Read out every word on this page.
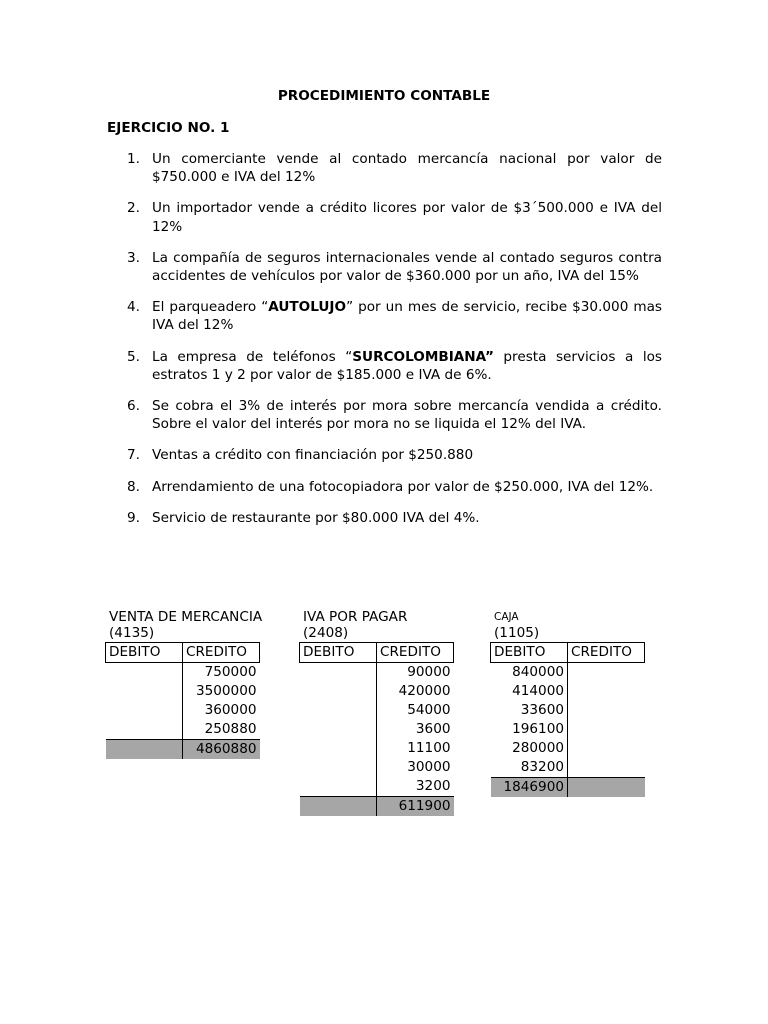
PROCEDIMIENTO CONTABLE
EJERCICIO NO. 1
1. Un comerciante vende al contado mercancía nacional por valor de $750.000 e IVA del 12%
2. Un importador vende a crédito licores por valor de $3´500.000 e IVA del 12%
3. La compañía de seguros internacionales vende al contado seguros contra accidentes de vehículos por valor de $360.000 por un año, IVA del 15%
4. El parqueadero “AUTOLUJO” por un mes de servicio, recibe $30.000 mas IVA del 12%
5. La empresa de teléfonos “SURCOLOMBIANA” presta servicios a los estratos 1 y 2 por valor de $185.000 e IVA de 6%.
6. Se cobra el 3% de interés por mora sobre mercancía vendida a crédito. Sobre el valor del interés por mora no se liquida el 12% del IVA.
7. Ventas a crédito con financiación por $250.880
8. Arrendamiento de una fotocopiadora por valor de $250.000, IVA del 12%.
9. Servicio de restaurante por $80.000 IVA del 4%.
VENTA DE MERCANCIA
(4135)
DEBITO	CREDITO
	750000
	3500000
	360000
	250880
	4860880
IVA POR PAGAR
(2408)
DEBITO	CREDITO
	90000
	420000
	54000
	3600
	11100
	30000
	3200
	611900
CAJA
(1105)
DEBITO	CREDITO
840000	
414000	
33600	
196100	
280000	
83200	
1846900	
